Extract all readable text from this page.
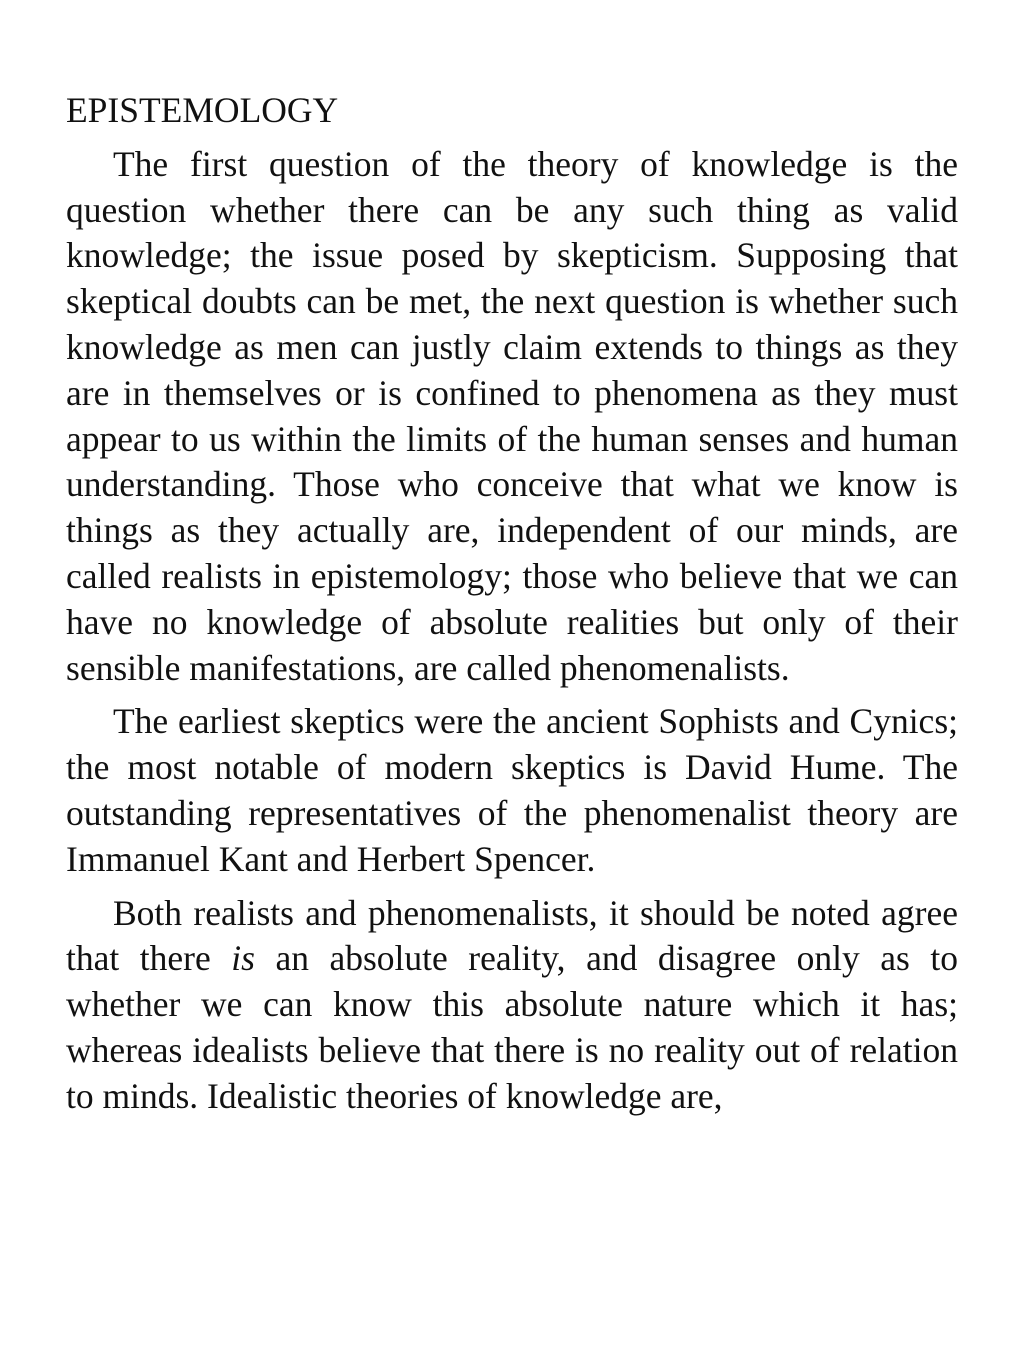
EPISTEMOLOGY

The first question of the theory of knowledge is the question whether there can be any such thing as valid knowledge; the issue posed by skepticism. Supposing that skeptical doubts can be met, the next question is whether such knowledge as men can justly claim extends to things as they are in themselves or is confined to phenomena as they must appear to us within the limits of the human senses and human understanding. Those who conceive that what we know is things as they actually are, independent of our minds, are called realists in epistemology; those who believe that we can have no knowledge of absolute realities but only of their sensible manifestations, are called phenomenalists.

The earliest skeptics were the ancient Sophists and Cynics; the most notable of modern skeptics is David Hume. The outstanding representatives of the phenomenalist theory are Immanuel Kant and Herbert Spencer.

Both realists and phenomenalists, it should be noted agree that there is an absolute reality, and disagree only as to whether we can know this absolute nature which it has; whereas idealists believe that there is no reality out of relation to minds. Idealistic theories of knowledge are,
